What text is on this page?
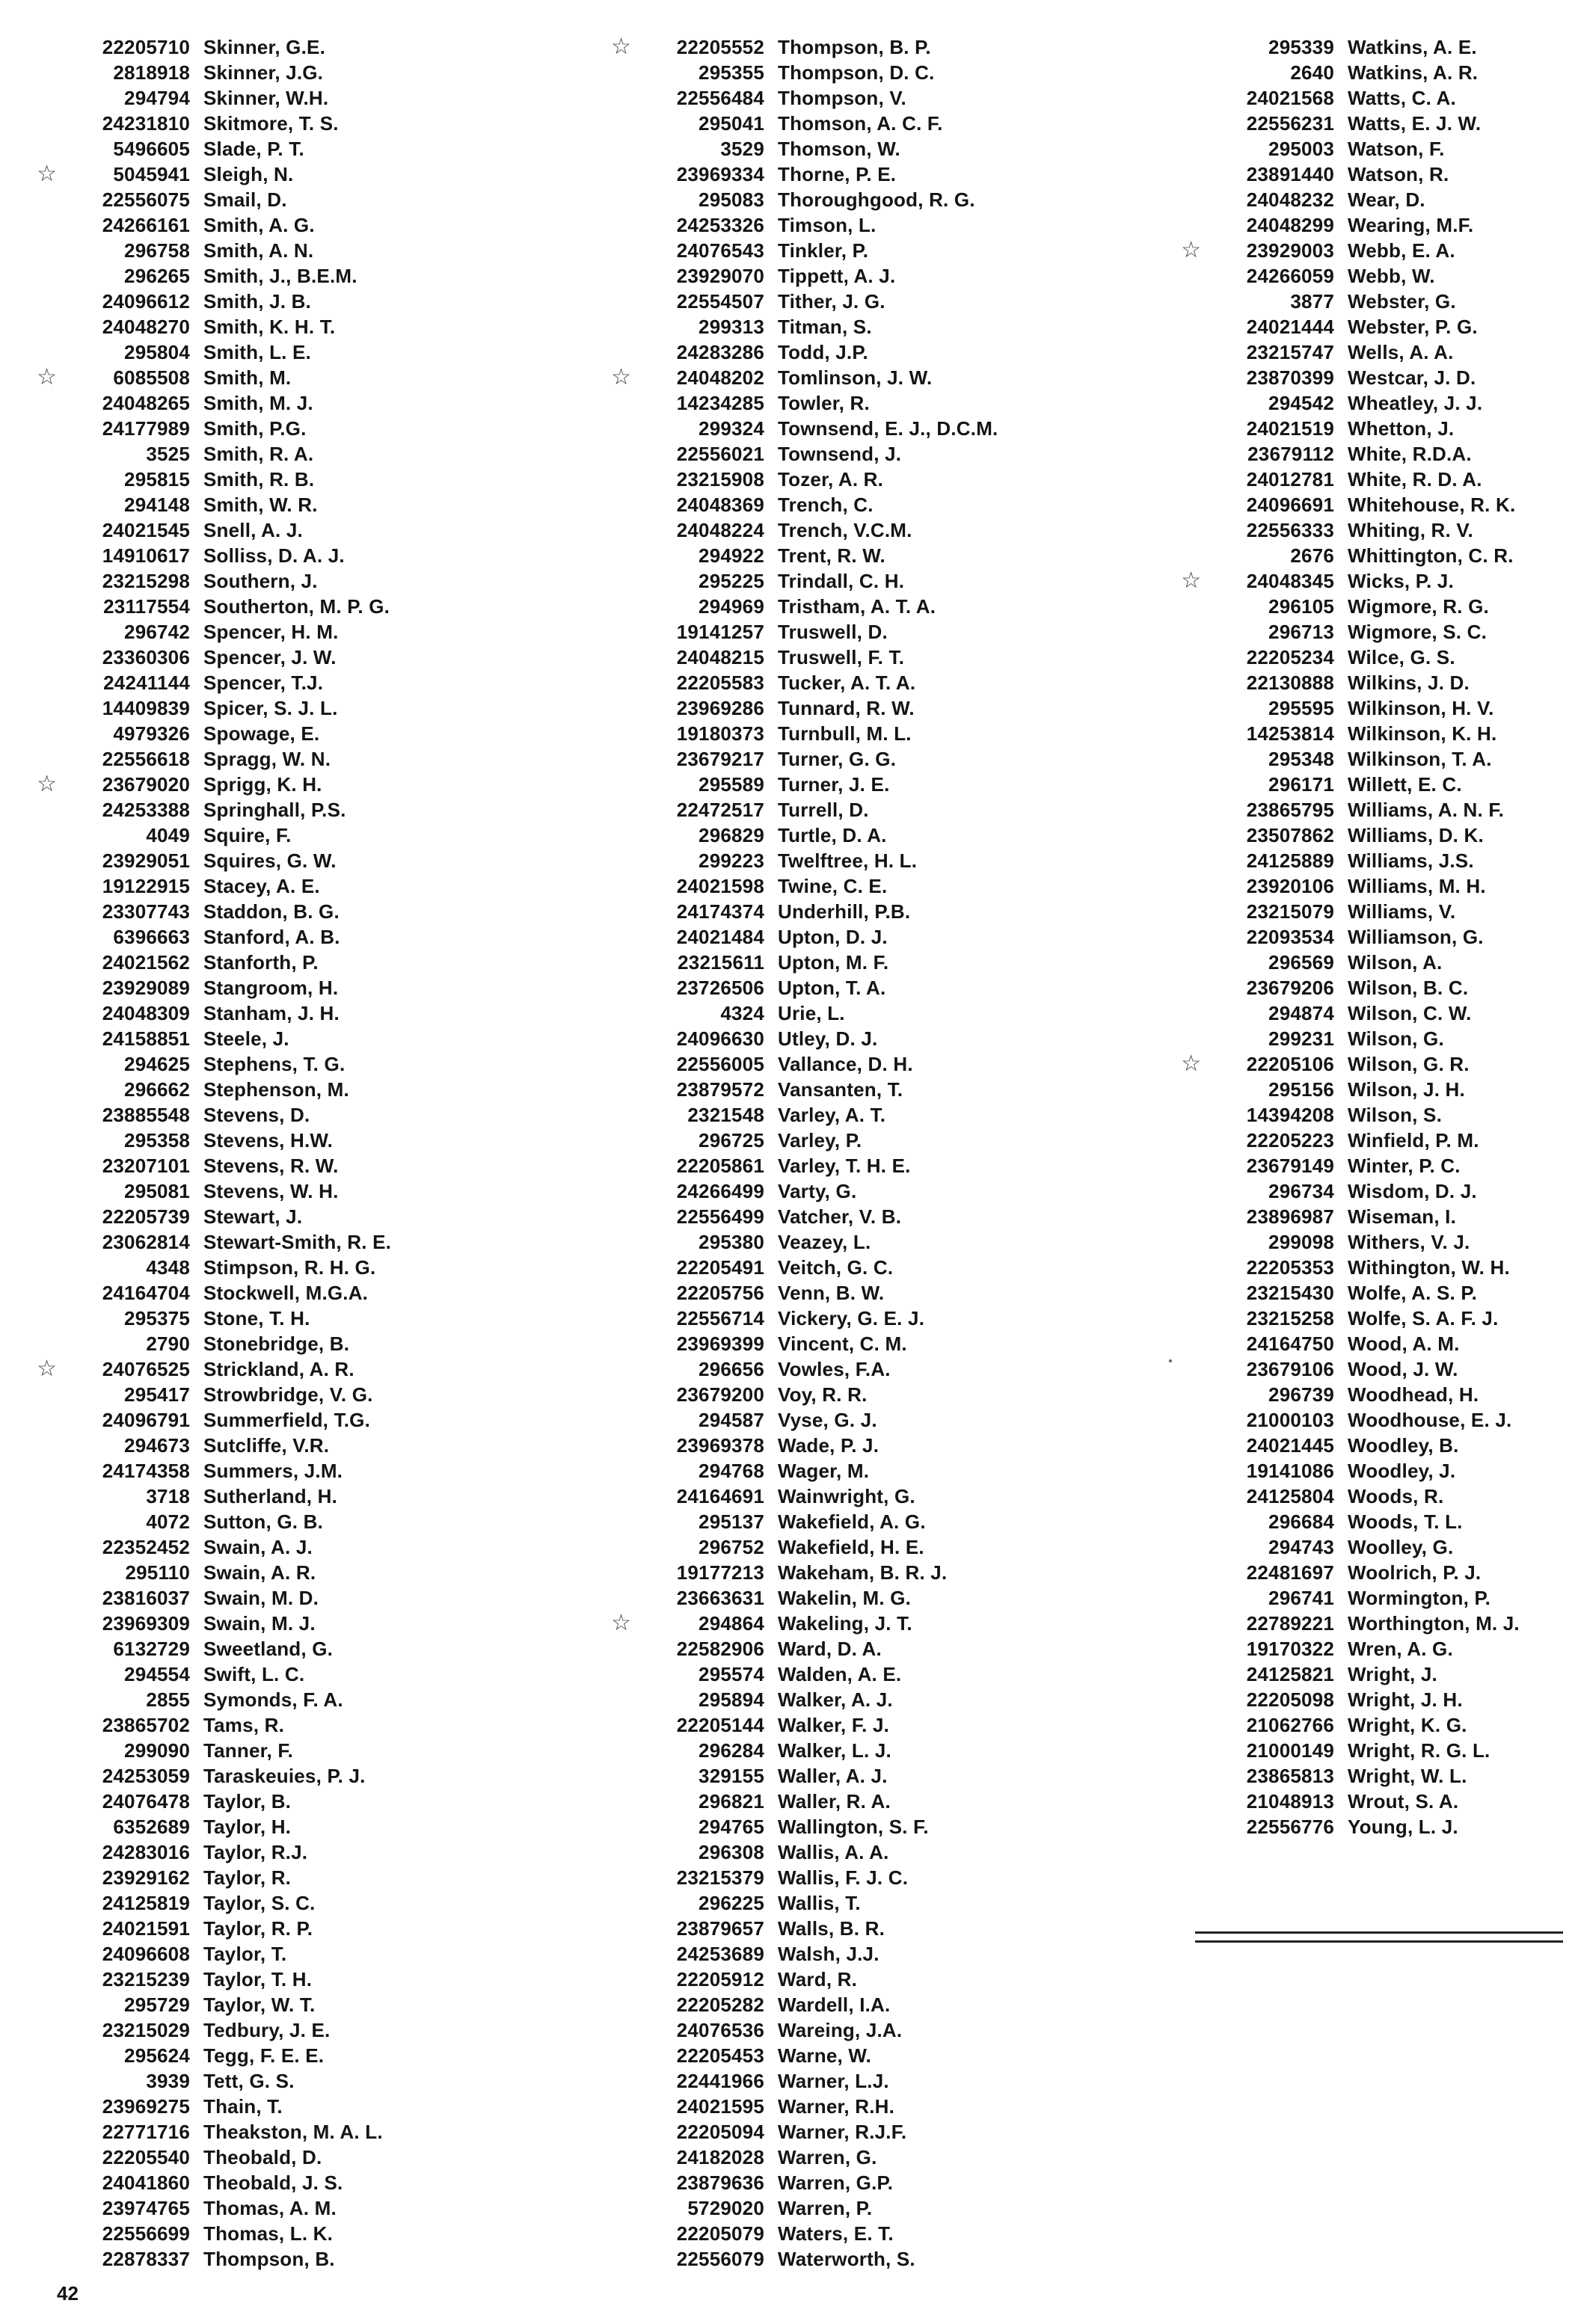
22205710 Skinner, G.E.
2818918 Skinner, J.G.
294794 Skinner, W.H.
24231810 Skitmore, T. S.
5496605 Slade, P. T.
☆	5045941 Sleigh, N.
22556075 Smail, D.
24266161 Smith, A. G.
296758 Smith, A. N.
296265 Smith, J., B.E.M.
24096612 Smith, J. B.
24048270 Smith, K. H. T.
295804 Smith, L. E.
☆	6085508 Smith, M.
24048265 Smith, M. J.
24177989 Smith, P.G.
3525 Smith, R. A.
295815 Smith, R. B.
294148 Smith, W. R.
24021545 Snell, A. J.
14910617 Solliss, D. A. J.
23215298 Southern, J.
23117554 Southerton, M. P. G.
296742 Spencer, H. M.
23360306 Spencer, J. W.
24241144 Spencer, T.J.
14409839 Spicer, S. J. L.
4979326 Spowage, E.
22556618 Spragg, W. N.
☆	23679020 Sprigg, K. H.
24253388 Springhall, P.S.
4049 Squire, F.
23929051 Squires, G. W.
19122915 Stacey, A. E.
23307743 Staddon, B. G.
6396663 Stanford, A. B.
24021562 Stanforth, P.
23929089 Stangroom, H.
24048309 Stanham, J. H.
24158851 Steele, J.
294625 Stephens, T. G.
296662 Stephenson, M.
23885548 Stevens, D.
295358 Stevens, H.W.
23207101 Stevens, R. W.
295081 Stevens, W. H.
22205739 Stewart, J.
23062814 Stewart-Smith, R. E.
4348 Stimpson, R. H. G.
24164704 Stockwell, M.G.A.
295375 Stone, T. H.
2790 Stonebridge, B.
☆	24076525 Strickland, A. R.
295417 Strowbridge, V. G.
24096791 Summerfield, T.G.
294673 Sutcliffe, V.R.
24174358 Summers, J.M.
3718 Sutherland, H.
4072 Sutton, G. B.
22352452 Swain, A. J.
295110 Swain, A. R.
23816037 Swain, M. D.
23969309 Swain, M. J.
6132729 Sweetland, G.
294554 Swift, L. C.
2855 Symonds, F. A.
23865702 Tams, R.
299090 Tanner, F.
24253059 Taraskeuies, P. J.
24076478 Taylor, B.
6352689 Taylor, H.
24283016 Taylor, R.J.
23929162 Taylor, R.
24125819 Taylor, S. C.
24021591 Taylor, R. P.
24096608 Taylor, T.
23215239 Taylor, T. H.
295729 Taylor, W. T.
23215029 Tedbury, J. E.
295624 Tegg, F. E. E.
3939 Tett, G. S.
23969275 Thain, T.
22771716 Theakston, M. A. L.
22205540 Theobald, D.
24041860 Theobald, J. S.
23974765 Thomas, A. M.
22556699 Thomas, L. K.
22878337 Thompson, B.
☆	22205552 Thompson, B. P.
295355 Thompson, D. C.
22556484 Thompson, V.
295041 Thomson, A. C. F.
3529 Thomson, W.
23969334 Thorne, P. E.
295083 Thoroughgood, R. G.
24253326 Timson, L.
24076543 Tinkler, P.
23929070 Tippett, A. J.
22554507 Tither, J. G.
299313 Titman, S.
24283286 Todd, J.P.
☆	24048202 Tomlinson, J. W.
14234285 Towler, R.
299324 Townsend, E. J., D.C.M.
22556021 Townsend, J.
23215908 Tozer, A. R.
24048369 Trench, C.
24048224 Trench, V.C.M.
294922 Trent, R. W.
295225 Trindall, C. H.
294969 Tristham, A. T. A.
19141257 Truswell, D.
24048215 Truswell, F. T.
22205583 Tucker, A. T. A.
23969286 Tunnard, R. W.
19180373 Turnbull, M. L.
23679217 Turner, G. G.
295589 Turner, J. E.
22472517 Turrell, D.
296829 Turtle, D. A.
299223 Twelftree, H. L.
24021598 Twine, C. E.
24174374 Underhill, P.B.
24021484 Upton, D. J.
23215611 Upton, M. F.
23726506 Upton, T. A.
4324 Urie, L.
24096630 Utley, D. J.
22556005 Vallance, D. H.
23879572 Vansanten, T.
2321548 Varley, A. T.
296725 Varley, P.
22205861 Varley, T. H. E.
24266499 Varty, G.
22556499 Vatcher, V. B.
295380 Veazey, L.
22205491 Veitch, G. C.
22205756 Venn, B. W.
22556714 Vickery, G. E. J.
23969399 Vincent, C. M.
296656 Vowles, F.A.
23679200 Voy, R. R.
294587 Vyse, G. J.
23969378 Wade, P. J.
294768 Wager, M.
24164691 Wainwright, G.
295137 Wakefield, A. G.
296752 Wakefield, H. E.
19177213 Wakeham, B. R. J.
23663631 Wakelin, M. G.
☆	294864 Wakeling, J. T.
22582906 Ward, D. A.
295574 Walden, A. E.
295894 Walker, A. J.
22205144 Walker, F. J.
296284 Walker, L. J.
329155 Waller, A. J.
296821 Waller, R. A.
294765 Wallington, S. F.
296308 Wallis, A. A.
23215379 Wallis, F. J. C.
296225 Wallis, T.
23879657 Walls, B. R.
24253689 Walsh, J.J.
22205912 Ward, R.
22205282 Wardell, I.A.
24076536 Wareing, J.A.
22205453 Warne, W.
22441966 Warner, L.J.
24021595 Warner, R.H.
22205094 Warner, R.J.F.
24182028 Warren, G.
23879636 Warren, G.P.
5729020 Warren, P.
22205079 Waters, E. T.
22556079 Waterworth, S.
295339 Watkins, A. E.
2640 Watkins, A. R.
24021568 Watts, C. A.
22556231 Watts, E. J. W.
295003 Watson, F.
23891440 Watson, R.
24048232 Wear, D.
24048299 Wearing, M.F.
☆	23929003 Webb, E. A.
24266059 Webb, W.
3877 Webster, G.
24021444 Webster, P. G.
23215747 Wells, A. A.
23870399 Westcar, J. D.
294542 Wheatley, J. J.
24021519 Whetton, J.
23679112 White, R.D.A.
24012781 White, R. D. A.
24096691 Whitehouse, R. K.
22556333 Whiting, R. V.
2676 Whittington, C. R.
☆	24048345 Wicks, P. J.
296105 Wigmore, R. G.
296713 Wigmore, S. C.
22205234 Wilce, G. S.
22130888 Wilkins, J. D.
295595 Wilkinson, H. V.
14253814 Wilkinson, K. H.
295348 Wilkinson, T. A.
296171 Willett, E. C.
23865795 Williams, A. N. F.
23507862 Williams, D. K.
24125889 Williams, J.S.
23920106 Williams, M. H.
23215079 Williams, V.
22093534 Williamson, G.
296569 Wilson, A.
23679206 Wilson, B. C.
294874 Wilson, C. W.
299231 Wilson, G.
☆	22205106 Wilson, G. R.
295156 Wilson, J. H.
14394208 Wilson, S.
22205223 Winfield, P. M.
23679149 Winter, P. C.
296734 Wisdom, D. J.
23896987 Wiseman, I.
299098 Withers, V. J.
22205353 Withington, W. H.
23215430 Wolfe, A. S. P.
23215258 Wolfe, S. A. F. J.
24164750 Wood, A. M.
23679106 Wood, J. W.
296739 Woodhead, H.
21000103 Woodhouse, E. J.
24021445 Woodley, B.
19141086 Woodley, J.
24125804 Woods, R.
296684 Woods, T. L.
294743 Woolley, G.
22481697 Woolrich, P. J.
296741 Wormington, P.
22789221 Worthington, M. J.
19170322 Wren, A. G.
24125821 Wright, J.
22205098 Wright, J. H.
21062766 Wright, K. G.
21000149 Wright, R. G. L.
23865813 Wright, W. L.
21048913 Wrout, S. A.
22556776 Young, L. J.
42
